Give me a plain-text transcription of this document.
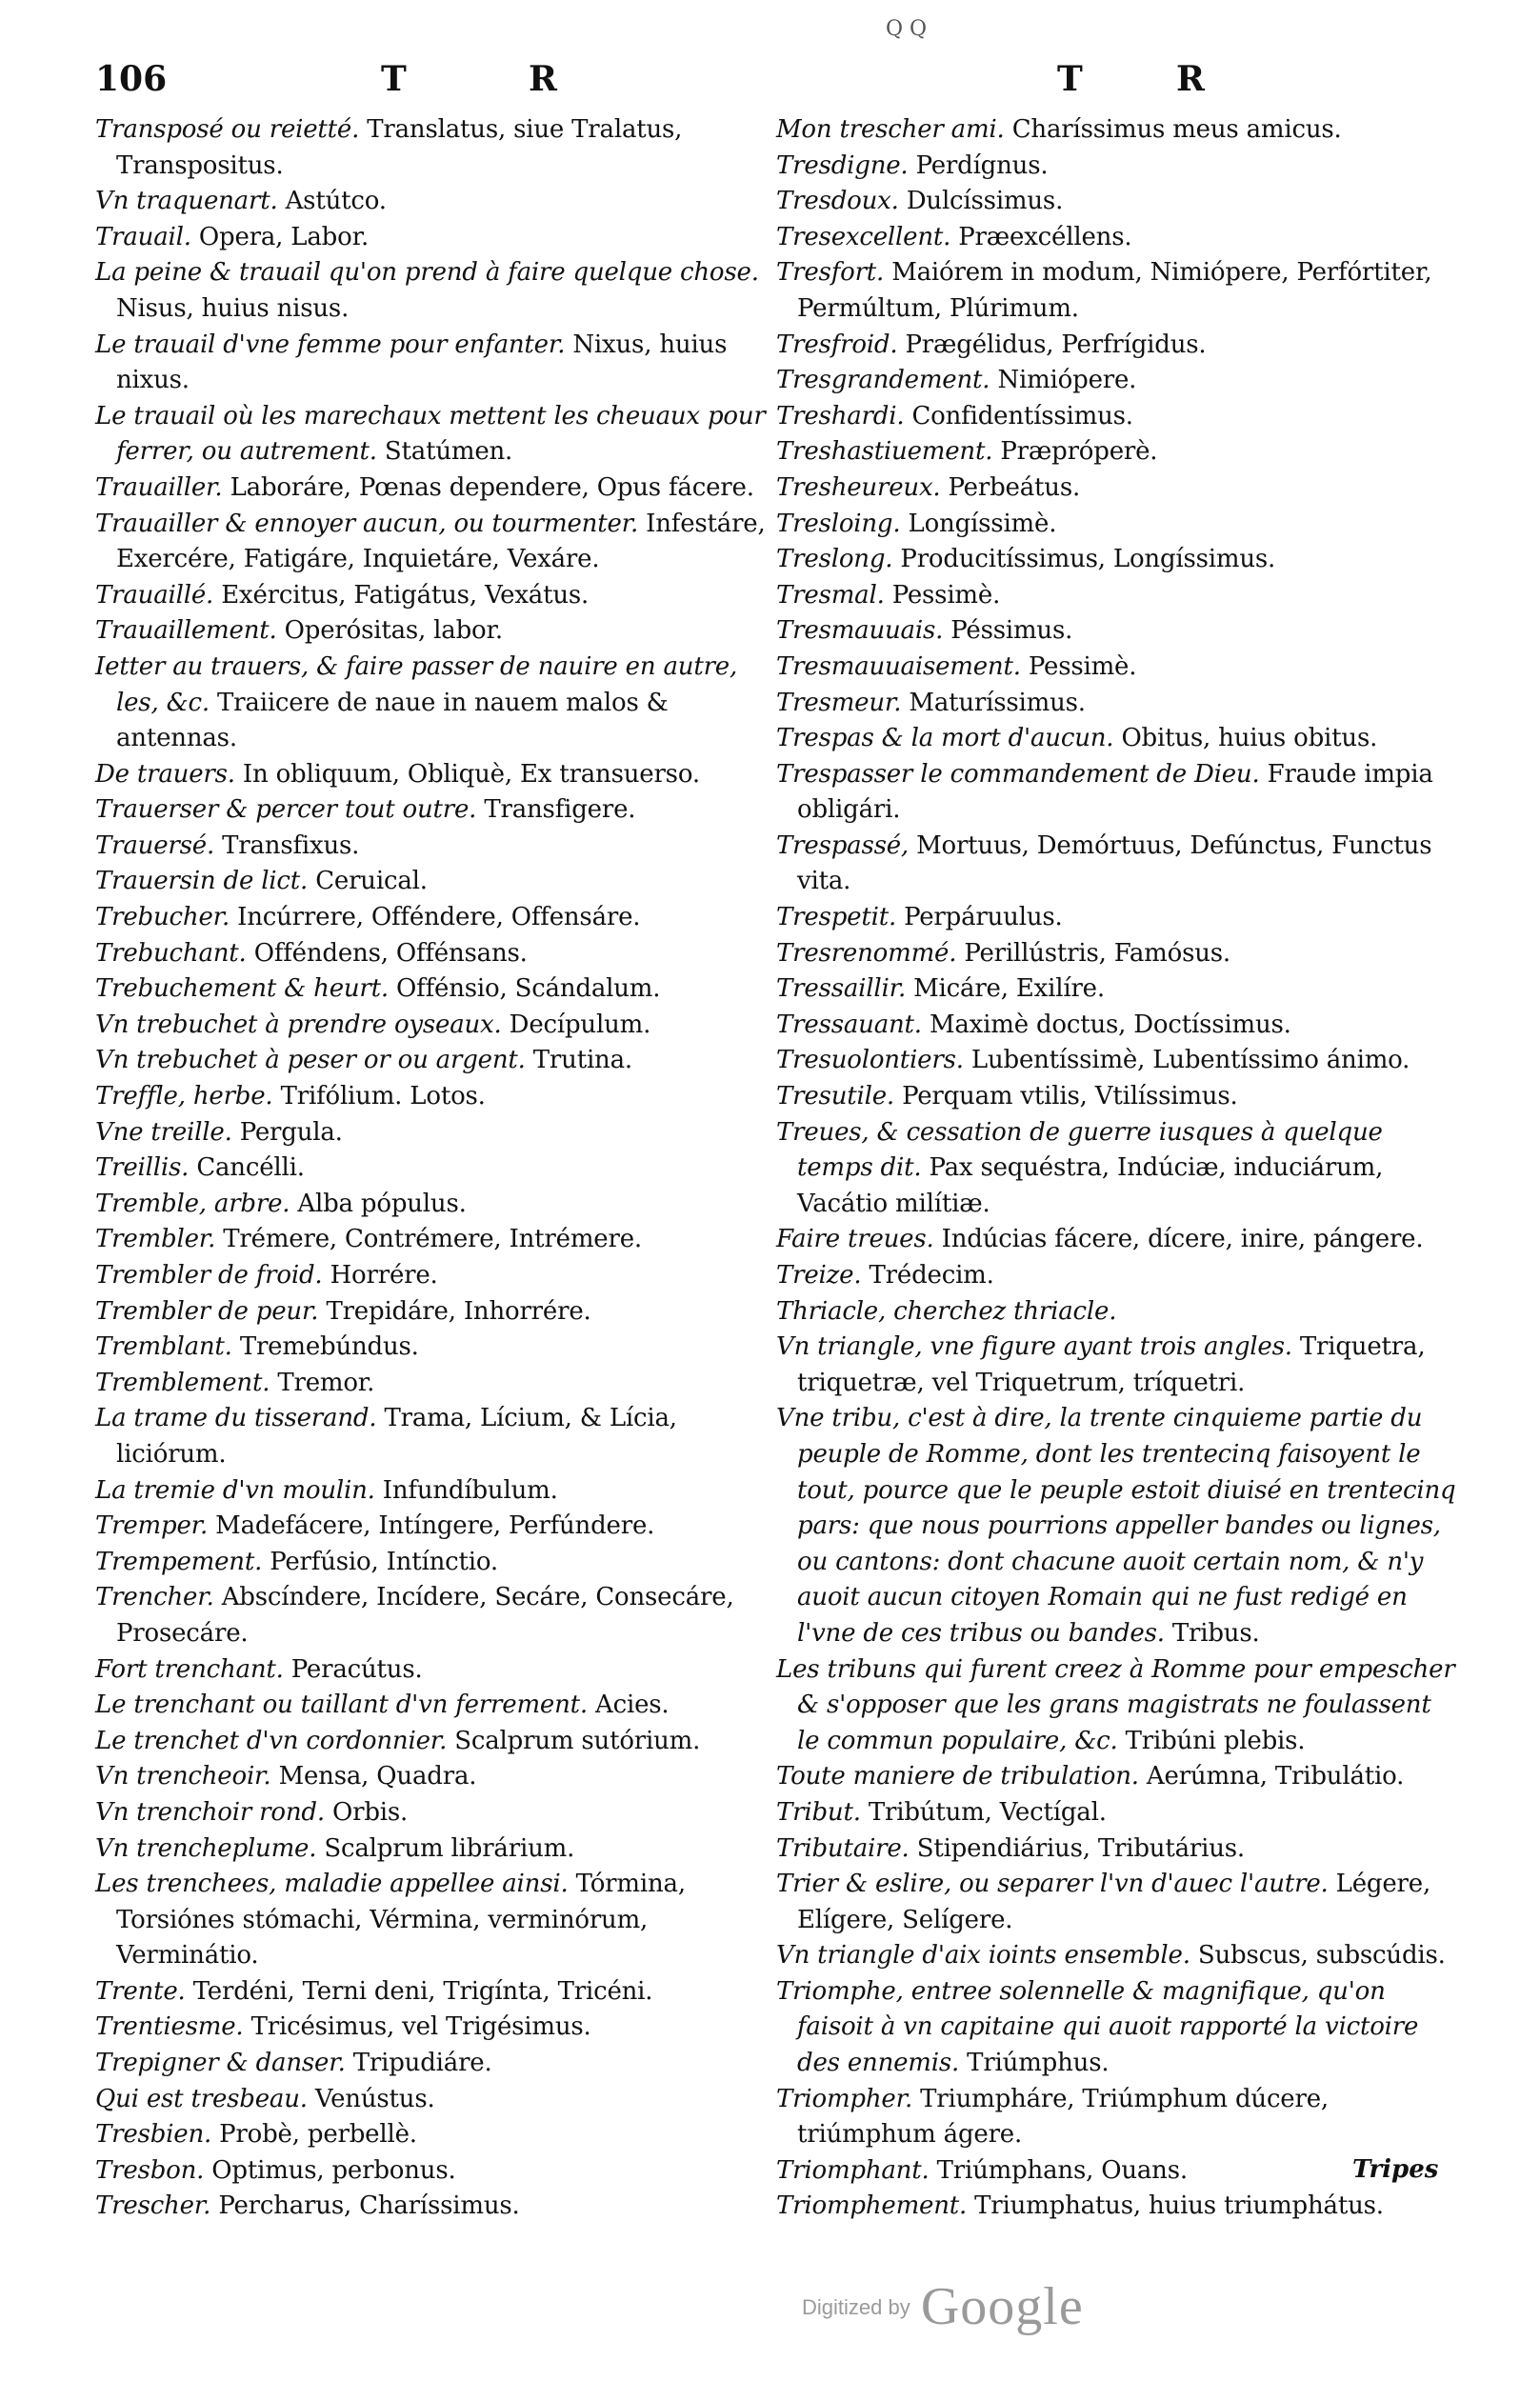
Q Q
106	T	R	T	R

Transposé ou reietté. Translatus, siue Tralatus, Transpositus.

Vn traquenart. Astútco.

Trauail. Opera, Labor.

La peine & trauail qu'on prend à faire quelque chose. Nisus, huius nisus.

Le trauail d'vne femme pour enfanter. Nixus, huius nixus.

Le trauail où les marechaux mettent les cheuaux pour ferrer, ou autrement. Statúmen.

Trauailler. Laboráre, Pœnas dependere, Opus fácere.

Trauailler & ennoyer aucun, ou tourmenter. Infestáre, Exercére, Fatigáre, Inquietáre, Vexáre.

Trauaillé. Exércitus, Fatigátus, Vexátus.

Trauaillement. Operósitas, labor.

Ietter au trauers, & faire passer de nauire en autre, les, &c. Traiicere de naue in nauem malos & antennas.

De trauers. In obliquum, Obliquè, Ex transuerso.

Trauerser & percer tout outre. Transfigere.

Trauersé. Transfixus.

Trauersin de lict. Ceruical.

Trebucher. Incúrrere, Offéndere, Offensáre.

Trebuchant. Offéndens, Offénsans.

Trebuchement & heurt. Offénsio, Scándalum.

Vn trebuchet à prendre oyseaux. Decípulum.

Vn trebuchet à peser or ou argent. Trutina.

Treffle, herbe. Trifólium. Lotos.

Vne treille. Pergula.

Treillis. Cancélli.

Tremble, arbre. Alba pópulus.

Trembler. Trémere, Contrémere, Intrémere.

Trembler de froid. Horrére.

Trembler de peur. Trepidáre, Inhorrére.

Tremblant. Tremebúndus.

Tremblement. Tremor.

La trame du tisserand. Trama, Lícium, & Lícia, liciórum.

La tremie d'vn moulin. Infundíbulum.

Tremper. Madefácere, Intíngere, Perfúndere.

Trempement. Perfúsio, Intínctio.

Trencher. Abscíndere, Incídere, Secáre, Consecáre, Prosecáre.

Fort trenchant. Peracútus.

Le trenchant ou taillant d'vn ferrement. Acies.

Le trenchet d'vn cordonnier. Scalprum sutórium.

Vn trencheoir. Mensa, Quadra.

Vn trenchoir rond. Orbis.

Vn trencheplume. Scalprum librárium.

Les trenchees, maladie appellee ainsi. Tórmina, Torsiónes stómachi, Vérmina, verminórum, Verminátio.

Trente. Terdéni, Terni deni, Trigínta, Tricéni.

Trentiesme. Tricésimus, vel Trigésimus.

Trepigner & danser. Tripudiáre.

Qui est tresbeau. Venústus.

Tresbien. Probè, perbellè.

Tresbon. Optimus, perbonus.

Trescher. Percharus, Charíssimus.

Mon trescher ami. Charíssimus meus amicus.

Tresdigne. Perdígnus.

Tresdoux. Dulcíssimus.

Tresexcellent. Præexcéllens.

Tresfort. Maiórem in modum, Nimiópere, Perfórtiter, Permúltum, Plúrimum.

Tresfroid. Prægélidus, Perfrígidus.

Tresgrandement. Nimiópere.

Treshardi. Confidentíssimus.

Treshastiuement. Præpróperè.

Tresheureux. Perbeátus.

Tresloing. Longíssimè.

Treslong. Producitíssimus, Longíssimus.

Tresmal. Pessimè.

Tresmauuais. Péssimus.

Tresmauuaisement. Pessimè.

Tresmeur. Maturíssimus.

Trespas & la mort d'aucun. Obitus, huius obitus.

Trespasser le commandement de Dieu. Fraude impia obligári.

Trespassé, Mortuus, Demórtuus, Defúnctus, Functus vita.

Trespetit. Perpáruulus.

Tresrenommé. Perillústris, Famósus.

Tressaillir. Micáre, Exilíre.

Tressauant. Maximè doctus, Doctíssimus.

Tresuolontiers. Lubentíssimè, Lubentíssimo ánimo.

Tresutile. Perquam vtilis, Vtilíssimus.

Treues, & cessation de guerre iusques à quelque temps dit. Pax sequéstra, Indúciæ, induciárum, Vacátio milítiæ.

Faire treues. Indúcias fácere, dícere, inire, pángere.

Treize. Trédecim.

Thriacle, cherchez thriacle.

Vn triangle, vne figure ayant trois angles. Triquetra, triquetræ, vel Triquetrum, tríquetri.

Vne tribu, c'est à dire, la trente cinquieme partie du peuple de Romme, dont les trentecinq faisoyent le tout, pource que le peuple estoit diuisé en trentecinq pars: que nous pourrions appeller bandes ou lignes, ou cantons: dont chacune auoit certain nom, & n'y auoit aucun citoyen Romain qui ne fust redigé en l'vne de ces tribus ou bandes. Tribus.

Les tribuns qui furent creez à Romme pour empescher & s'opposer que les grans magistrats ne foulassent le commun populaire, &c. Tribúni plebis.

Toute maniere de tribulation. Aerúmna, Tribulátio.

Tribut. Tribútum, Vectígal.

Tributaire. Stipendiárius, Tributárius.

Trier & eslire, ou separer l'vn d'auec l'autre. Légere, Elígere, Selígere.

Vn triangle d'aix ioints ensemble. Subscus, subscúdis.

Triomphe, entree solennelle & magnifique, qu'on faisoit à vn capitaine qui auoit rapporté la victoire des ennemis. Triúmphus.

Triompher. Triumpháre, Triúmphum dúcere, triúmphum ágere.

Triomphant. Triúmphans, Ouans.

Triomphement. Triumphatus, huius triumphátus.

Tripes
Digitized by Google
